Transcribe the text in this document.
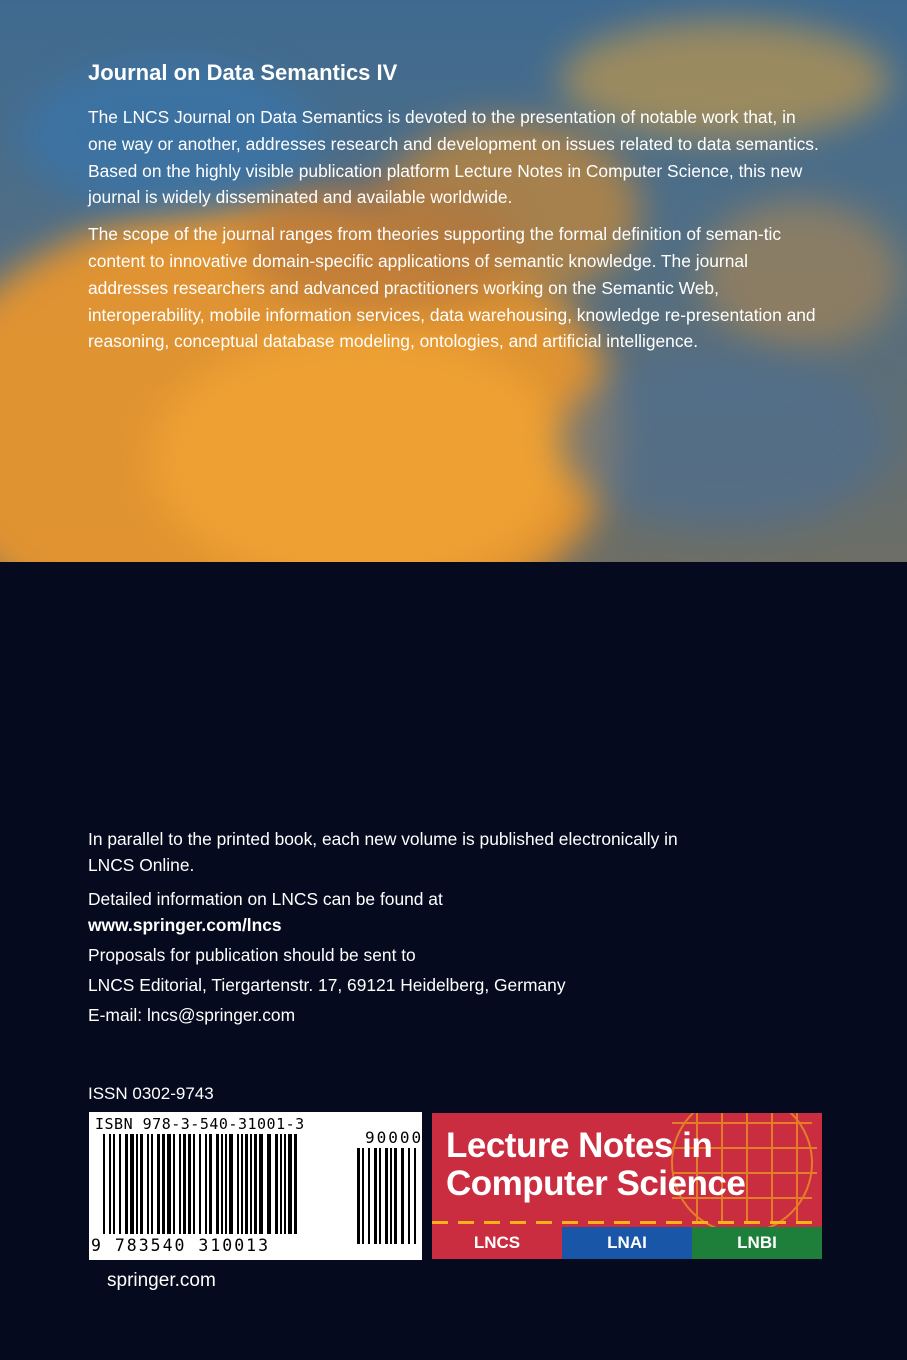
Journal on Data Semantics IV

The LNCS Journal on Data Semantics is devoted to the presentation of notable work that, in one way or another, addresses research and development on issues related to data semantics. Based on the highly visible publication platform Lecture Notes in Computer Science, this new journal is widely disseminated and available worldwide.

The scope of the journal ranges from theories supporting the formal definition of seman-tic content to innovative domain-specific applications of semantic knowledge. The journal addresses researchers and advanced practitioners working on the Semantic Web, interoperability, mobile information services, data warehousing, knowledge re-presentation and reasoning, conceptual database modeling, ontologies, and artificial intelligence.

In parallel to the printed book, each new volume is published electronically in LNCS Online.

Detailed information on LNCS can be found at

www.springer.com/lncs

Proposals for publication should be sent to

LNCS Editorial, Tiergartenstr. 17, 69121 Heidelberg, Germany

E-mail: lncs@springer.com

ISSN 0302-9743
ISBN 978-3-540-31001-3
90000
9 783540 310013
Lecture Notes in
Computer Science
LNCS	LNAI	LNBI
springer.com
